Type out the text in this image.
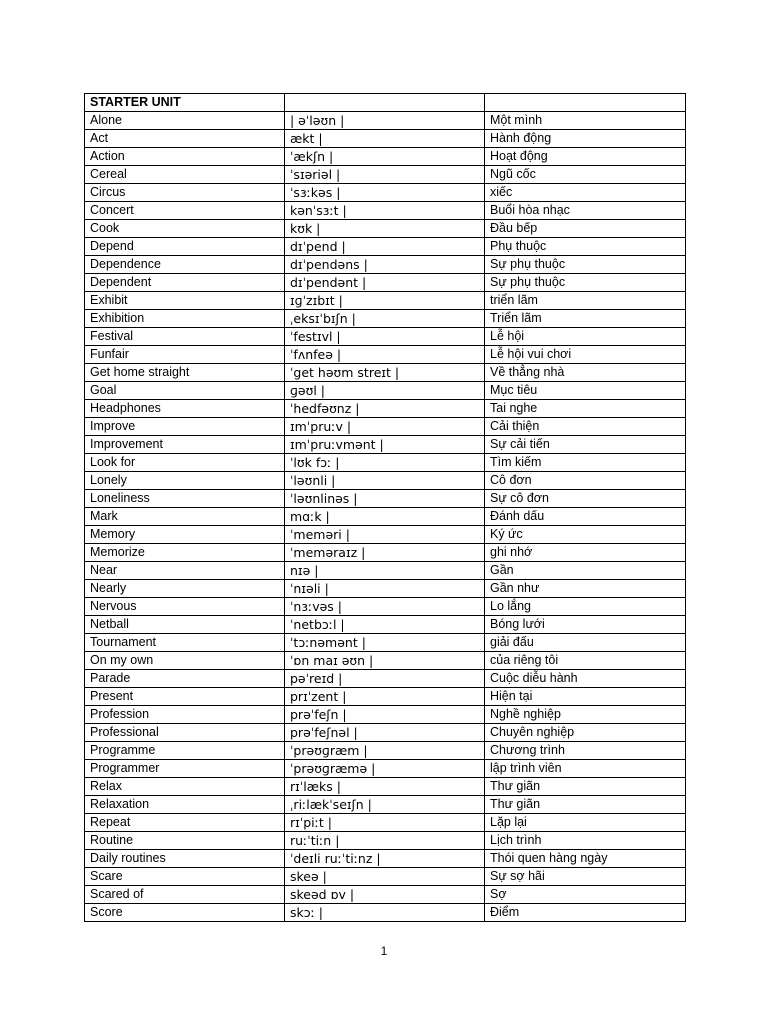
STARTER UNIT		
Alone	| əˈləʊn |	Một mình
Act	ækt |	Hành động
Action	ˈækʃn |	Hoạt động
Cereal	ˈsɪəriəl |	Ngũ cốc
Circus	ˈsɜːkəs |	xiếc
Concert	kənˈsɜːt |	Buổi hòa nhạc
Cook	kʊk |	Đầu bếp
Depend	dɪˈpend |	Phụ thuộc
Dependence	dɪˈpendəns |	Sự phụ thuộc
Dependent	dɪˈpendənt |	Sự phụ thuộc
Exhibit	ɪɡˈzɪbɪt |	triển lãm
Exhibition	ˌeksɪˈbɪʃn |	Triển lãm
Festival	ˈfestɪvl |	Lễ hội
Funfair	ˈfʌnfeə |	Lễ hội vui chơi
Get home straight	ˈget həʊm streɪt |	Về thẳng nhà
Goal	ɡəʊl |	Mục tiêu
Headphones	ˈhedfəʊnz |	Tai nghe
Improve	ɪmˈpruːv |	Cải thiện
Improvement	ɪmˈpruːvmənt |	Sự cải tiến
Look for	ˈlʊk fɔː |	Tìm kiếm
Lonely	ˈləʊnli |	Cô đơn
Loneliness	ˈləʊnlinəs |	Sự cô đơn
Mark	mɑːk |	Đánh dấu
Memory	ˈmeməri |	Ký ức
Memorize	ˈmeməraɪz |	ghi nhớ
Near	nɪə |	Gần
Nearly	ˈnɪəli |	Gần như
Nervous	ˈnɜːvəs |	Lo lắng
Netball	ˈnetbɔːl |	Bóng lưới
Tournament	ˈtɔːnəmənt |	giải đấu
On my own	ˈɒn maɪ əʊn |	của riêng tôi
Parade	pəˈreɪd |	Cuộc diễu hành
Present	prɪˈzent |	Hiện tại
Profession	prəˈfeʃn |	Nghề nghiệp
Professional	prəˈfeʃnəl |	Chuyên nghiệp
Programme	ˈprəʊɡræm |	Chương trình
Programmer	ˈprəʊɡræmə |	lập trình viên
Relax	rɪˈlæks |	Thư giãn
Relaxation	ˌriːlækˈseɪʃn |	Thư giãn
Repeat	rɪˈpiːt |	Lặp lại
Routine	ruːˈtiːn |	Lịch trình
Daily routines	ˈdeɪli ruːˈtiːnz |	Thói quen hàng ngày
Scare	skeə |	Sự sợ hãi
Scared of	skeəd ɒv |	Sợ
Score	skɔː |	Điểm
1
